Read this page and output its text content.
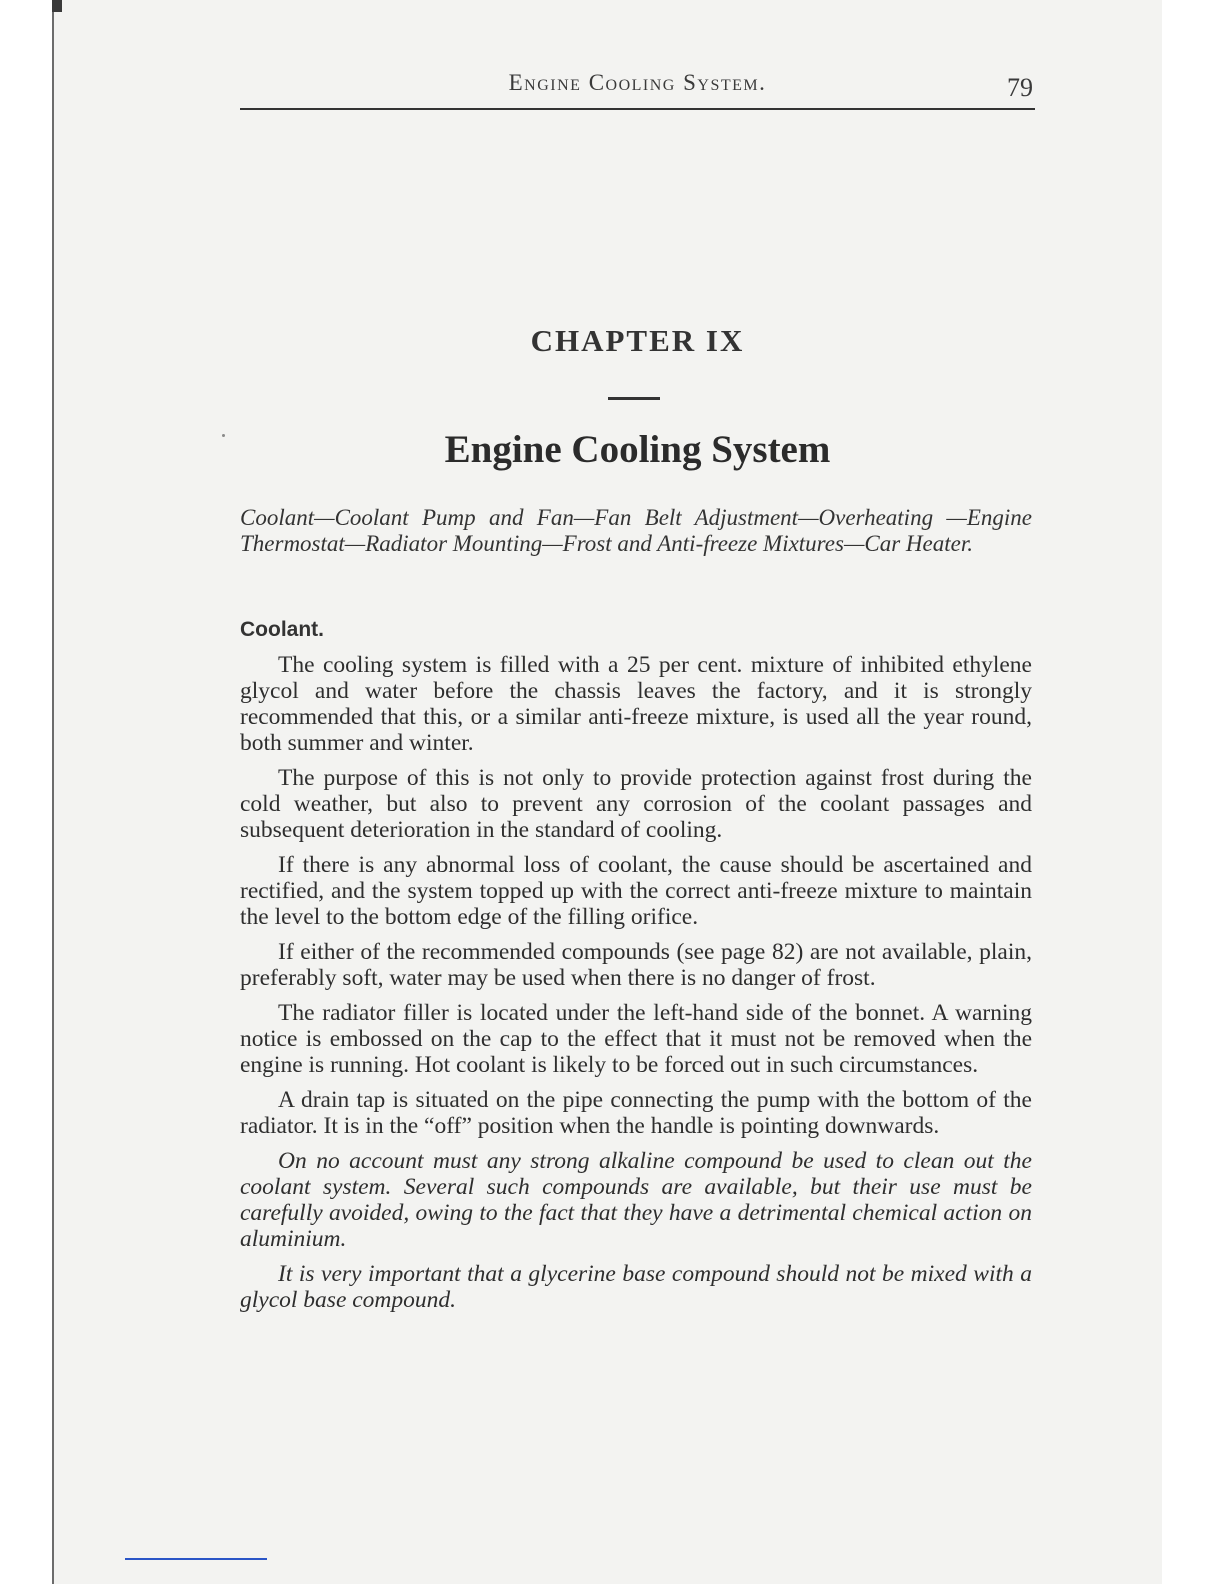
Engine Cooling System.	79
CHAPTER IX
Engine Cooling System
Coolant—Coolant Pump and Fan—Fan Belt Adjustment—Overheating —Engine Thermostat—Radiator Mounting—Frost and Anti-freeze Mixtures—Car Heater.
Coolant.

The cooling system is filled with a 25 per cent. mixture of inhibited ethylene glycol and water before the chassis leaves the factory, and it is strongly recommended that this, or a similar anti-freeze mixture, is used all the year round, both summer and winter.

The purpose of this is not only to provide protection against frost during the cold weather, but also to prevent any corrosion of the coolant passages and subsequent deterioration in the standard of cooling.

If there is any abnormal loss of coolant, the cause should be ascertained and rectified, and the system topped up with the correct anti-freeze mixture to maintain the level to the bottom edge of the filling orifice.

If either of the recommended compounds (see page 82) are not available, plain, preferably soft, water may be used when there is no danger of frost.

The radiator filler is located under the left-hand side of the bonnet. A warning notice is embossed on the cap to the effect that it must not be removed when the engine is running. Hot coolant is likely to be forced out in such circumstances.

A drain tap is situated on the pipe connecting the pump with the bottom of the radiator. It is in the “off” position when the handle is pointing downwards.

On no account must any strong alkaline compound be used to clean out the coolant system. Several such compounds are available, but their use must be carefully avoided, owing to the fact that they have a detrimental chemical action on aluminium.

It is very important that a glycerine base compound should not be mixed with a glycol base compound.
